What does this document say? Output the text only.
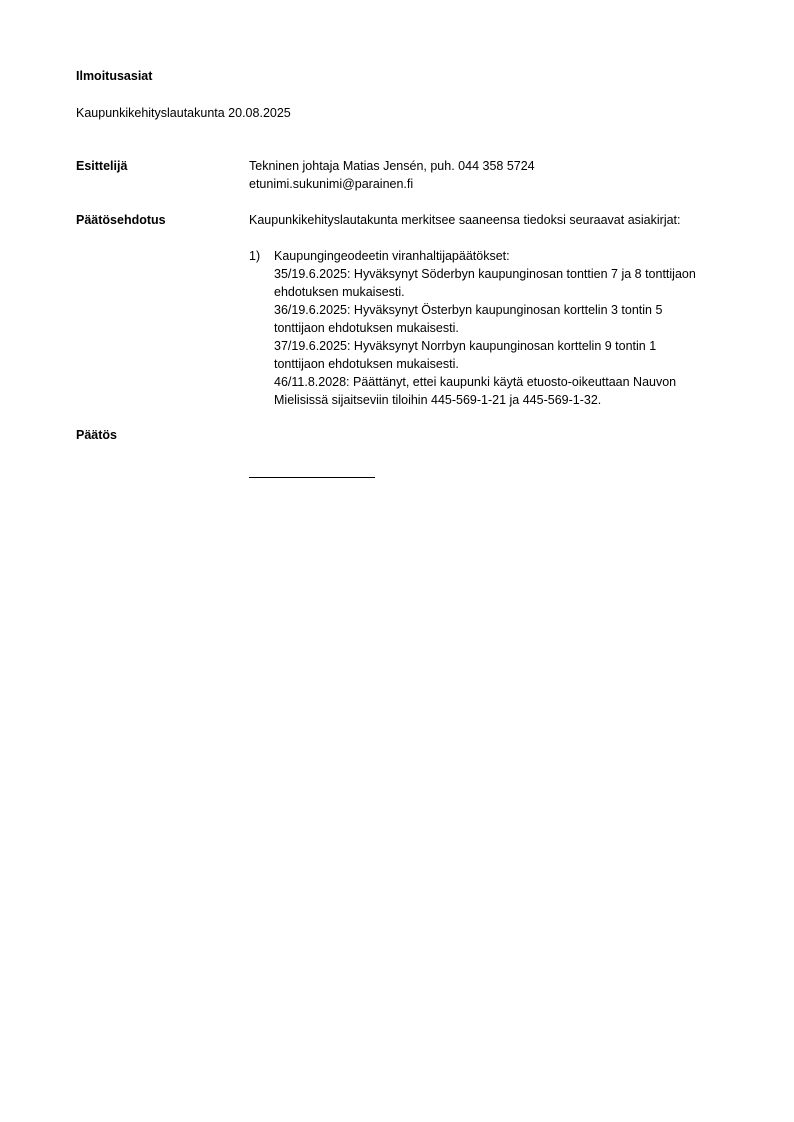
Ilmoitusasiat
Kaupunkikehityslautakunta 20.08.2025
Esittelijä	Tekninen johtaja Matias Jensén, puh. 044 358 5724
etunimi.sukunimi@parainen.fi
Päätösehdotus	Kaupunkikehityslautakunta merkitsee saaneensa tiedoksi seuraavat asiakirjat:
1) Kaupungingeodeetin viranhaltijapäätökset:
35/19.6.2025: Hyväksynyt Söderbyn kaupunginosan tonttien 7 ja 8 tonttijaon
ehdotuksen mukaisesti.
36/19.6.2025: Hyväksynyt Österbyn kaupunginosan korttelin 3 tontin 5
tonttijaon ehdotuksen mukaisesti.
37/19.6.2025: Hyväksynyt Norrbyn kaupunginosan korttelin 9 tontin 1
tonttijaon ehdotuksen mukaisesti.
46/11.8.2028: Päättänyt, ettei kaupunki käytä etuosto-oikeuttaan Nauvon
Mielisissä sijaitseviin tiloihin 445-569-1-21 ja 445-569-1-32.
Päätös
